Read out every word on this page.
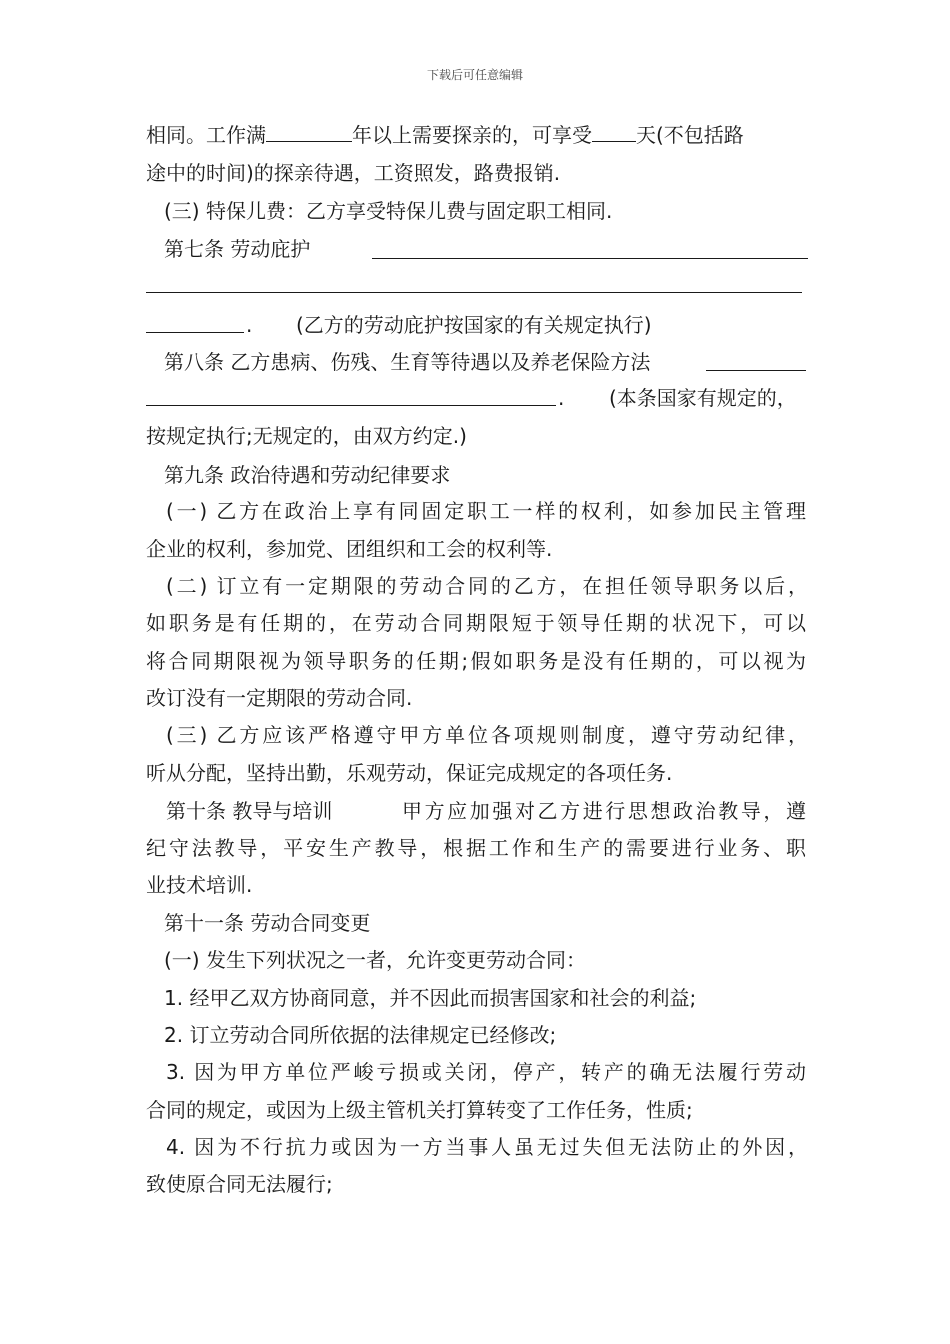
下载后可任意编辑
相同。工作满	年以上需要探亲的，可享受 天(不包括路
途中的时间)的探亲待遇，工资照发，路费报销.
(三) 特保儿费：乙方享受特保儿费与固定职工相同.
第七条 劳动庇护
. (乙方的劳动庇护按国家的有关规定执行)
第八条 乙方患病、伤残、生育等待遇以及养老保险方法
. (本条国家有规定的，
按规定执行;无规定的，由双方约定.)
第九条 政治待遇和劳动纪律要求
(一) 乙方在政治上享有同固定职工一样的权利，如参加民主管理
企业的权利，参加党、团组织和工会的权利等.
(二) 订立有一定期限的劳动合同的乙方，在担任领导职务以后，
如职务是有任期的，在劳动合同期限短于领导任期的状况下，可以
将合同期限视为领导职务的任期;假如职务是没有任期的，可以视为
改订没有一定期限的劳动合同.
(三) 乙方应该严格遵守甲方单位各项规则制度，遵守劳动纪律，
听从分配，坚持出勤，乐观劳动，保证完成规定的各项任务.
第十条 教导与培训	甲方应加强对乙方进行思想政治教导，遵
纪守法教导，平安生产教导，根据工作和生产的需要进行业务、职
业技术培训.
第十一条 劳动合同变更
(一) 发生下列状况之一者，允许变更劳动合同：
1. 经甲乙双方协商同意，并不因此而损害国家和社会的利益;
2. 订立劳动合同所依据的法律规定已经修改;
3. 因为甲方单位严峻亏损或关闭，停产，转产的确无法履行劳动
合同的规定，或因为上级主管机关打算转变了工作任务，性质;
4. 因为不行抗力或因为一方当事人虽无过失但无法防止的外因，
致使原合同无法履行;
